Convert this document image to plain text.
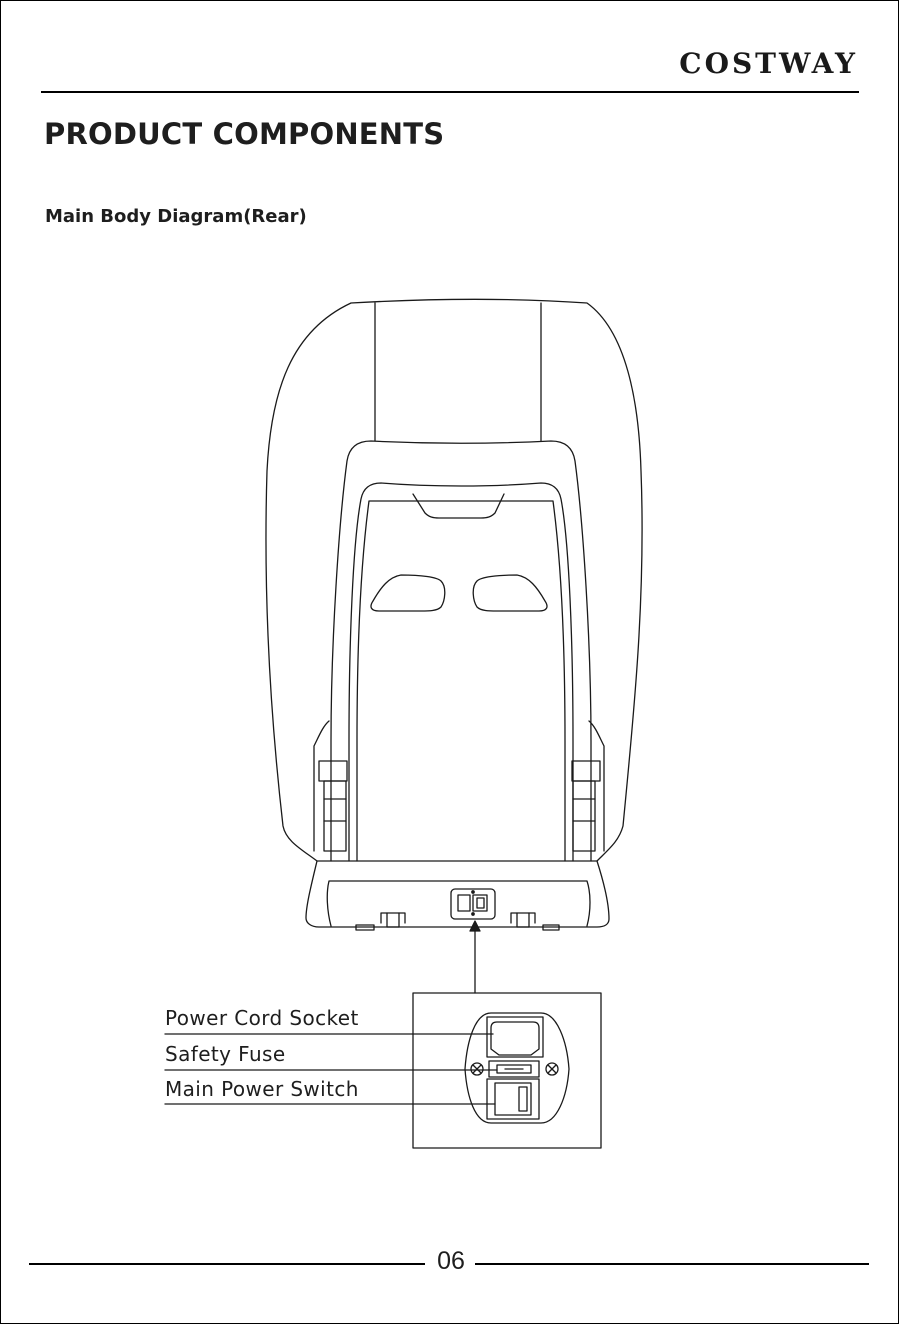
COSTWAY
PRODUCT COMPONENTS
Main Body Diagram(Rear)
Power Cord Socket
Safety Fuse
Main Power Switch
06
